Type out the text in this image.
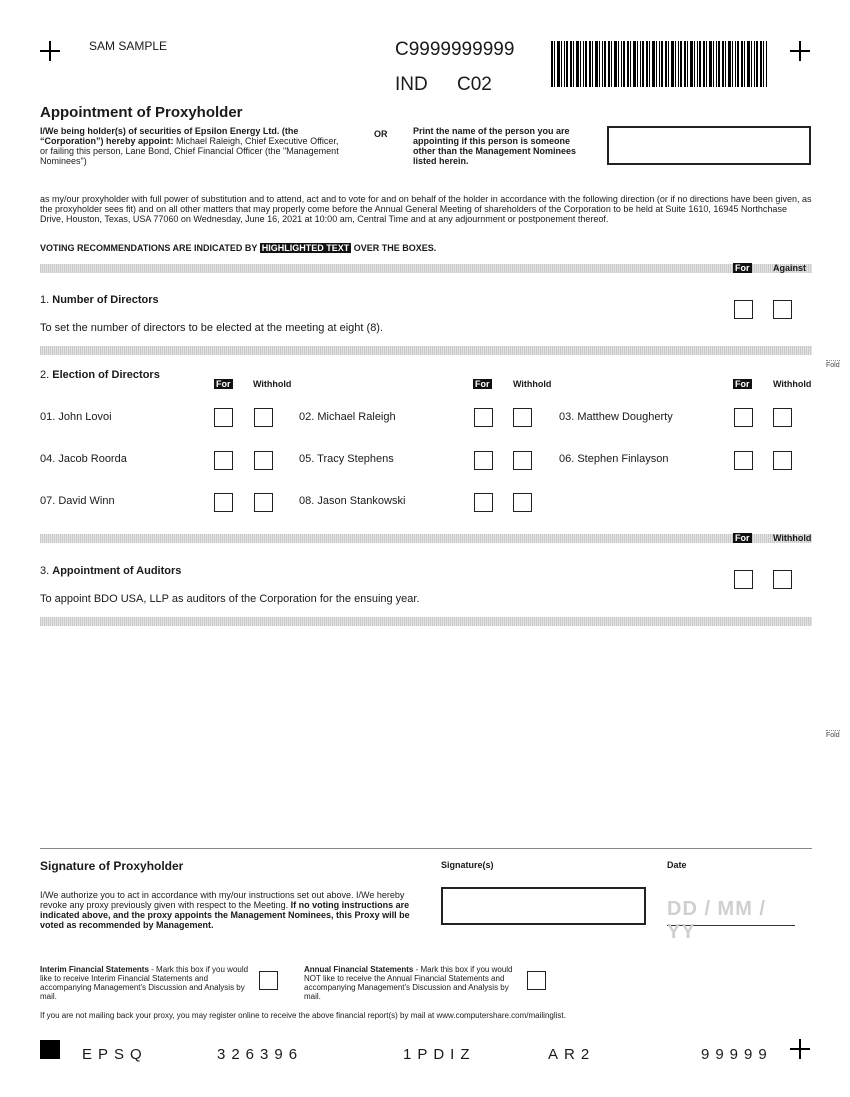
SAM SAMPLE	C9999999999
IND C02
Appointment of Proxyholder
I/We being holder(s) of securities of Epsilon Energy Ltd. (the “Corporation”) hereby appoint: Michael Raleigh, Chief Executive Officer, or failing this person, Lane Bond, Chief Financial Officer (the "Management Nominees")
OR	Print the name of the person you are appointing if this person is someone other than the Management Nominees listed herein.
as my/our proxyholder with full power of substitution and to attend, act and to vote for and on behalf of the holder in accordance with the following direction (or if no directions have been given, as the proxyholder sees fit) and on all other matters that may properly come before the Annual General Meeting of shareholders of the Corporation to be held at Suite 1610, 16945 Northchase Drive, Houston, Texas, USA 77060 on Wednesday, June 16, 2021 at 10:00 am, Central Time and at any adjournment or postponement thereof.
VOTING RECOMMENDATIONS ARE INDICATED BY HIGHLIGHTED TEXT OVER THE BOXES.
For	Against
1. Number of Directors
To set the number of directors to be elected at the meeting at eight (8).
2. Election of Directors
For	Withhold	For	Withhold	For	Withhold
01. John Lovoi	02. Michael Raleigh	03. Matthew Dougherty
04. Jacob Roorda	05. Tracy Stephens	06. Stephen Finlayson
07. David Winn	08. Jason Stankowski
For	Withhold
3. Appointment of Auditors
To appoint BDO USA, LLP as auditors of the Corporation for the ensuing year.
Fold
Fold
Signature of Proxyholder	Signature(s)	Date
I/We authorize you to act in accordance with my/our instructions set out above. I/We hereby revoke any proxy previously given with respect to the Meeting. If no voting instructions are indicated above, and the proxy appoints the Management Nominees, this Proxy will be voted as recommended by Management.
DD / MM / YY
Interim Financial Statements - Mark this box if you would like to receive Interim Financial Statements and accompanying Management's Discussion and Analysis by mail.
Annual Financial Statements - Mark this box if you would NOT like to receive the Annual Financial Statements and accompanying Management's Discussion and Analysis by mail.
If you are not mailing back your proxy, you may register online to receive the above financial report(s) by mail at www.computershare.com/mailinglist.
EPSQ	326396	1PDIZ	AR2	99999
